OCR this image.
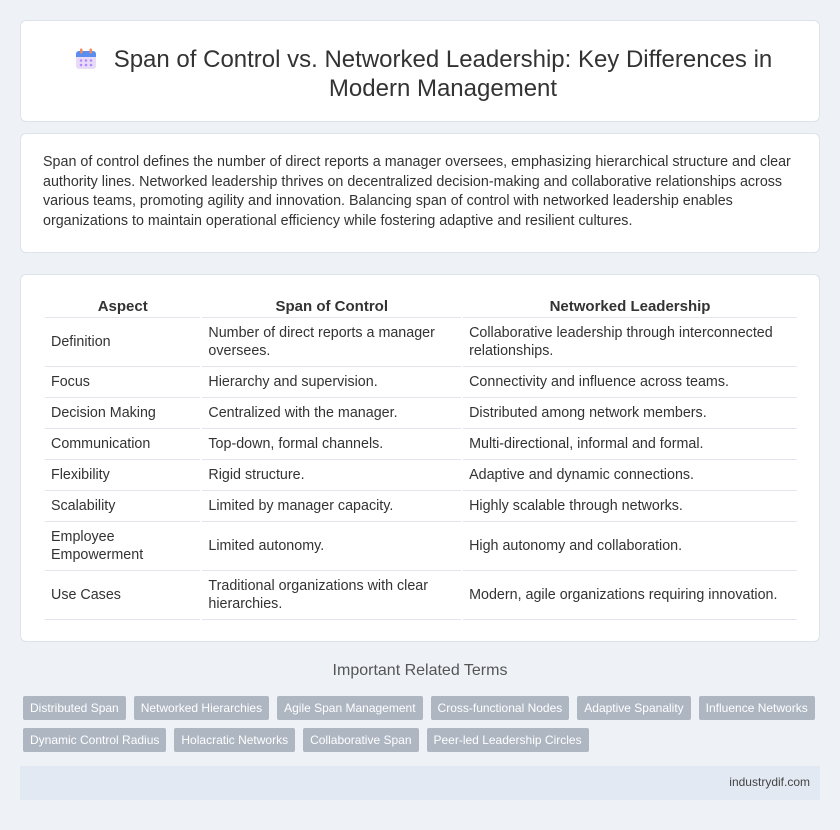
Span of Control vs. Networked Leadership: Key Differences in Modern Management

Span of control defines the number of direct reports a manager oversees, emphasizing hierarchical structure and clear authority lines. Networked leadership thrives on decentralized decision-making and collaborative relationships across various teams, promoting agility and innovation. Balancing span of control with networked leadership enables organizations to maintain operational efficiency while fostering adaptive and resilient cultures.

Aspect	Span of Control	Networked Leadership
Definition	Number of direct reports a manager oversees.	Collaborative leadership through interconnected relationships.
Focus	Hierarchy and supervision.	Connectivity and influence across teams.
Decision Making	Centralized with the manager.	Distributed among network members.
Communication	Top-down, formal channels.	Multi-directional, informal and formal.
Flexibility	Rigid structure.	Adaptive and dynamic connections.
Scalability	Limited by manager capacity.	Highly scalable through networks.
Employee Empowerment	Limited autonomy.	High autonomy and collaboration.
Use Cases	Traditional organizations with clear hierarchies.	Modern, agile organizations requiring innovation.
Important Related Terms
Distributed Span	Networked Hierarchies	Agile Span Management	Cross-functional Nodes	Adaptive Spanality	Influence Networks
Dynamic Control Radius	Holacratic Networks	Collaborative Span	Peer-led Leadership Circles
industrydif.com
